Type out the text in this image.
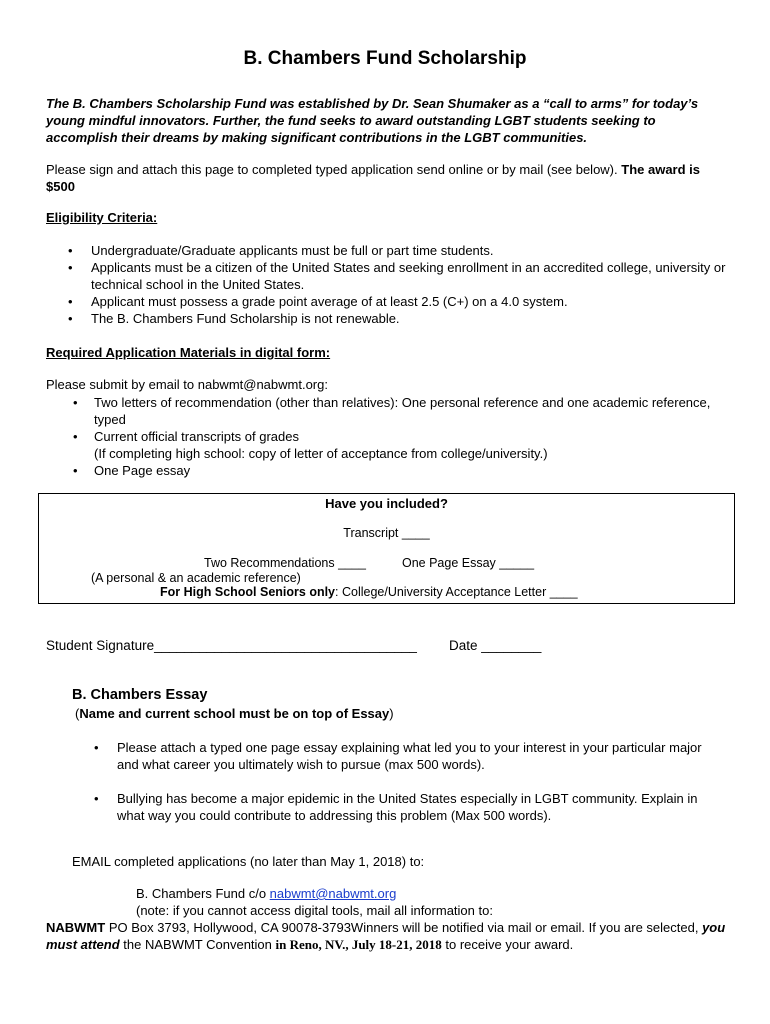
B. Chambers Fund Scholarship
The B. Chambers Scholarship Fund was established by Dr. Sean Shumaker as a “call to arms” for today’s young mindful innovators. Further, the fund seeks to award outstanding LGBT students seeking to accomplish their dreams by making significant contributions in the LGBT communities.
Please sign and attach this page to completed typed application send online or by mail (see below). The award is $500
Eligibility Criteria:
• Undergraduate/Graduate applicants must be full or part time students.
• Applicants must be a citizen of the United States and seeking enrollment in an accredited college, university or technical school in the United States.
• Applicant must possess a grade point average of at least 2.5 (C+) on a 4.0 system.
• The B. Chambers Fund Scholarship is not renewable.
Required Application Materials in digital form:
Please submit by email to nabwmt@nabwmt.org:
• Two letters of recommendation (other than relatives): One personal reference and one academic reference, typed
• Current official transcripts of grades
(If completing high school: copy of letter of acceptance from college/university.)
• One Page essay
Have you included?
Transcript ____
Two Recommendations ____	One Page Essay _____
(A personal & an academic reference)
For High School Seniors only: College/University Acceptance Letter ____
Student Signature___________________________________ Date ________
B. Chambers Essay
(Name and current school must be on top of Essay)
• Please attach a typed one page essay explaining what led you to your interest in your particular major and what career you ultimately wish to pursue (max 500 words).
• Bullying has become a major epidemic in the United States especially in LGBT community. Explain in what way you could contribute to addressing this problem (Max 500 words).
EMAIL completed applications (no later than May 1, 2018) to:
B. Chambers Fund c/o nabwmt@nabwmt.org
(note: if you cannot access digital tools, mail all information to:
NABWMT PO Box 3793, Hollywood, CA 90078-3793Winners will be notified via mail or email. If you are selected, you must attend the NABWMT Convention in Reno, NV., July 18-21, 2018 to receive your award.
